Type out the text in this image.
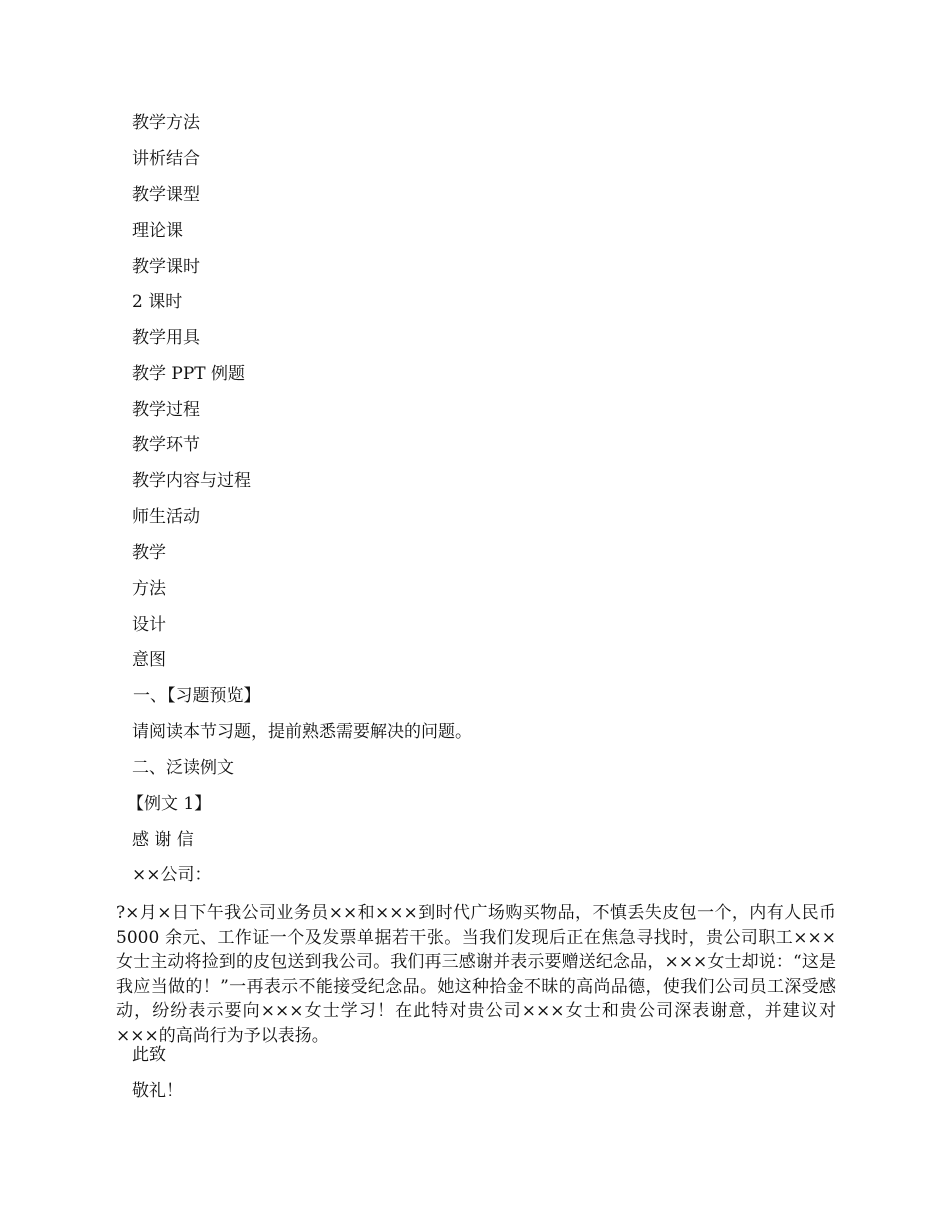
教学方法
讲析结合
教学课型
理论课
教学课时
2 课时
教学用具
教学 PPT 例题
教学过程
教学环节
教学内容与过程
师生活动
教学
方法
设计
意图
一、【习题预览】
请阅读本节习题，提前熟悉需要解决的问题。
二、泛读例文
【例文 1】
感 谢 信
××公司：
?×月×日下午我公司业务员××和×××到时代广场购买物品，不慎丢失皮包一个，内有人民币 5000 余元、工作证一个及发票单据若干张。当我们发现后正在焦急寻找时，贵公司职工×××女士主动将捡到的皮包送到我公司。我们再三感谢并表示要赠送纪念品，×××女士却说：“这是我应当做的！”一再表示不能接受纪念品。她这种拾金不昧的高尚品德，使我们公司员工深受感动，纷纷表示要向×××女士学习！在此特对贵公司×××女士和贵公司深表谢意，并建议对×××的高尚行为予以表扬。
此致
敬礼！
